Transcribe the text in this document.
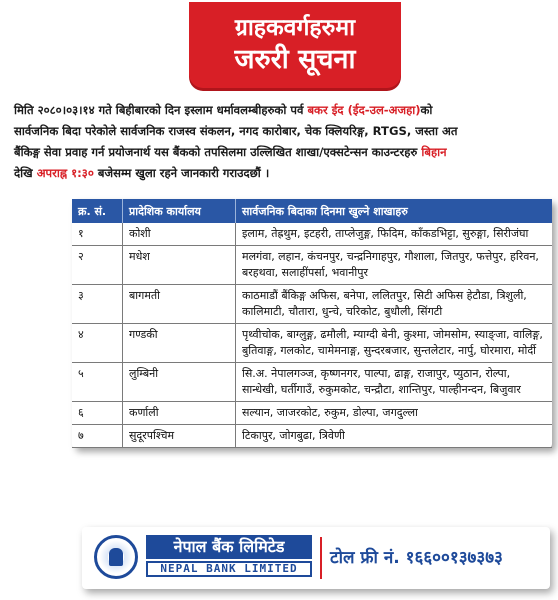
ग्राहकवर्गहरुमा
जरुरी सूचना
मिति २०८०।०३।१४ गते बिहीबारको दिन इस्लाम धर्मावलम्बीहरुको पर्व बकर ईद (ईद-उल-अजहा)को
सार्वजनिक बिदा परेकोले सार्वजनिक राजस्व संकलन, नगद कारोबार, चेक क्लियरिङ्ग, RTGS, जस्ता अत
बैंकिङ्ग सेवा प्रवाह गर्न प्रयोजनार्थ यस बैंकको तपसिलमा उल्लिखित शाखा/एक्सटेन्सन काउन्टरहरु बिहान
देखि अपराह्न १:३० बजेसम्म खुला रहने जानकारी गराउदछौं ।
क्र. सं.	प्रादेशिक कार्यालय	सार्वजनिक बिदाका दिनमा खुल्ने शाखाहरु
१	कोशी	इलाम, तेह्रथुम, इटहरी, ताप्लेजुङ्ग, फिदिम, काँकडभिट्टा, सुरुङ्गा, सिरीजंघा
२	मधेश	मलगंवा, लहान, कंचनपुर, चन्द्रनिगाहपुर, गौशाला, जितपुर, फत्तेपुर, हरिवन, बरहथवा, सलाहींपर्सा, भवानीपुर
३	बागमती	काठमाडौं बैंकिङ्ग अफिस, बनेपा, ललितपुर, सिटी अफिस हेटौडा, त्रिशुली, कालिमाटी, चौतारा, धुन्चे, चरिकोट, बुधौली, सिंगटी
४	गण्डकी	पृथ्वीचोक, बाग्लुङ्ग, ढमौली, म्याग्दी बेनी, कुश्मा, जोमसोम, स्याङ्जा, वालिङ्ग, बुतिवाङ्ग, गलकोट, चामेमनाङ्ग, सुन्दरबजार, सुन्तलेटार, नार्पु, घोरमारा, मोर्दी
५	लुम्बिनी	सि.अ. नेपालगञ्ज, कृष्णनगर, पाल्पा, ढाङ्ग, राजापुर, प्युठान, रोल्पा, सान्धेखी, घर्तीगाउँ, रुकुमकोट, चन्द्रौटा, शान्तिपुर, पाल्हीनन्दन, बिजुवार
६	कर्णाली	सल्यान, जाजरकोट, रुकुम, डोल्पा, जगदुल्ला
७	सुदूरपश्चिम	टिकापुर, जोगबुढा, त्रिवेणी
नेपाल बैंक लिमिटेड
NEPAL BANK LIMITED
टोल फ्री नं. १६६००१३७३७३
